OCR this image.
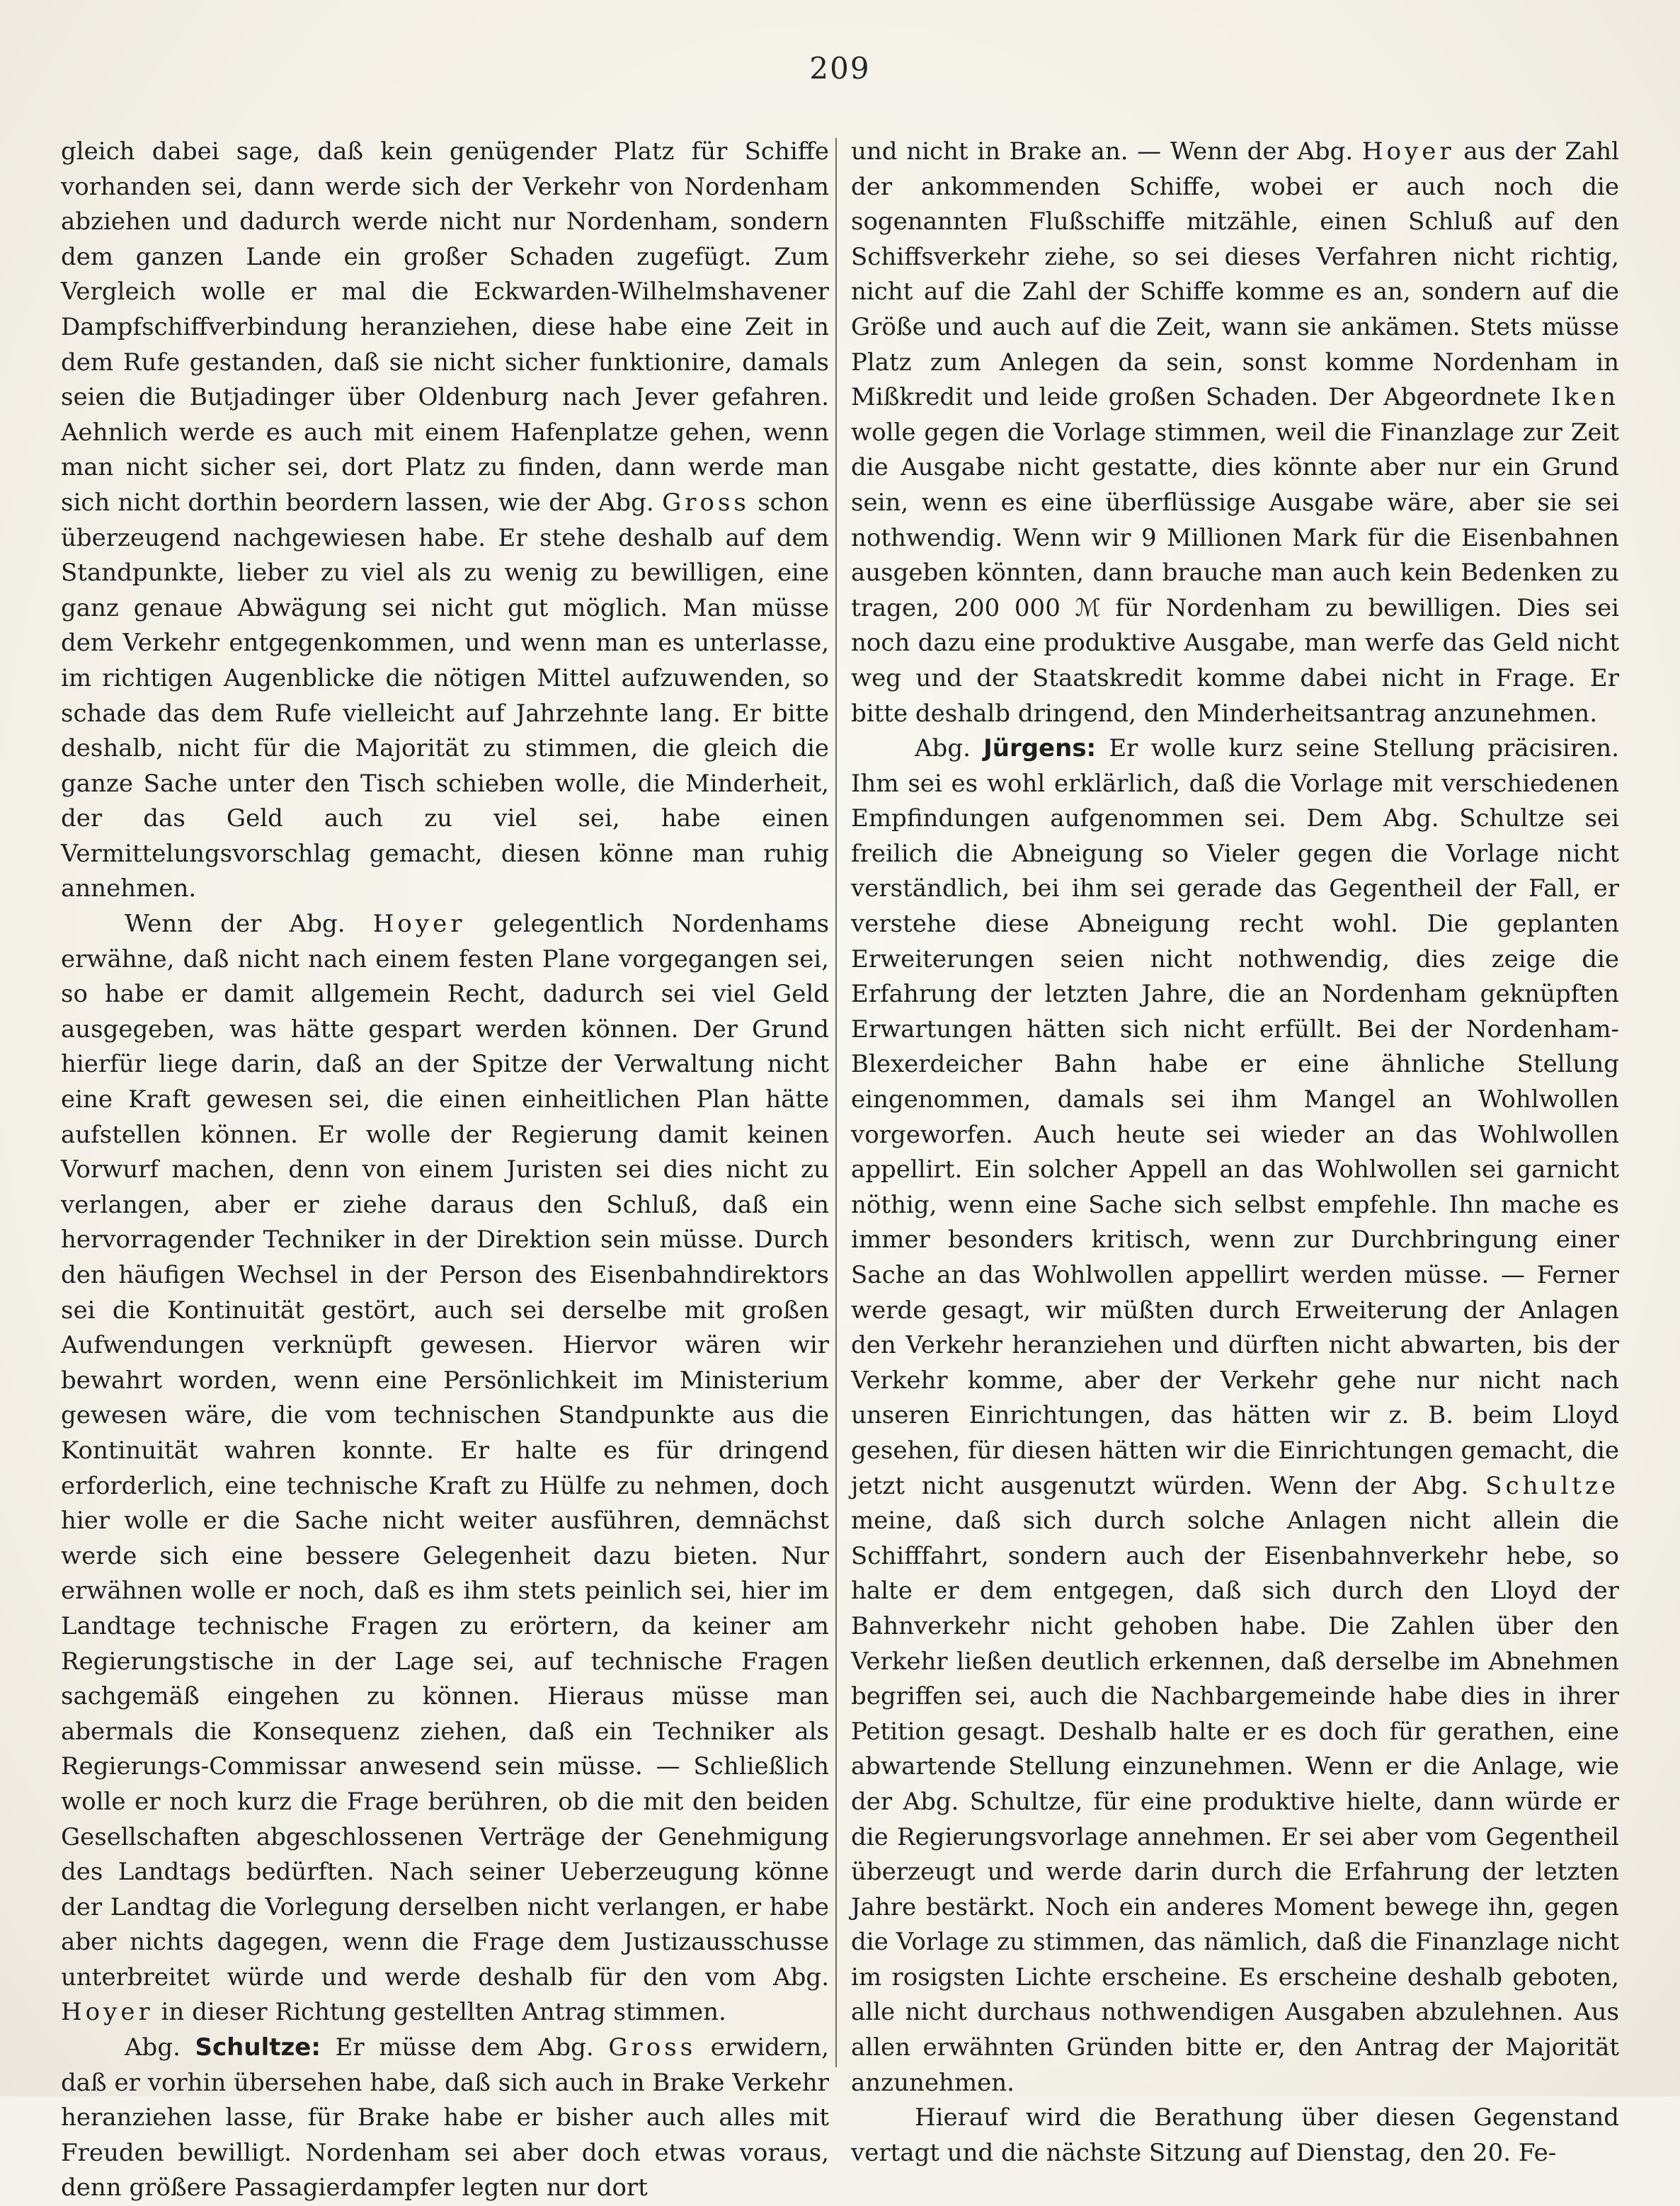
209

gleich dabei sage, daß kein genügender Platz für Schiffe vorhanden sei, dann werde sich der Verkehr von Nordenham abziehen und dadurch werde nicht nur Nordenham, sondern dem ganzen Lande ein großer Schaden zugefügt. Zum Vergleich wolle er mal die Eckwarden-Wilhelmshavener Dampfschiffverbindung heranziehen, diese habe eine Zeit in dem Rufe gestanden, daß sie nicht sicher funktionire, damals seien die Butjadinger über Oldenburg nach Jever gefahren. Aehnlich werde es auch mit einem Hafenplatze gehen, wenn man nicht sicher sei, dort Platz zu finden, dann werde man sich nicht dorthin beordern lassen, wie der Abg. Gross schon überzeugend nachgewiesen habe. Er stehe deshalb auf dem Standpunkte, lieber zu viel als zu wenig zu bewilligen, eine ganz genaue Abwägung sei nicht gut möglich. Man müsse dem Verkehr entgegenkommen, und wenn man es unterlasse, im richtigen Augenblicke die nötigen Mittel aufzuwenden, so schade das dem Rufe vielleicht auf Jahrzehnte lang. Er bitte deshalb, nicht für die Majorität zu stimmen, die gleich die ganze Sache unter den Tisch schieben wolle, die Minderheit, der das Geld auch zu viel sei, habe einen Vermittelungsvorschlag gemacht, diesen könne man ruhig annehmen.

Wenn der Abg. Hoyer gelegentlich Nordenhams erwähne, daß nicht nach einem festen Plane vorgegangen sei, so habe er damit allgemein Recht, dadurch sei viel Geld ausgegeben, was hätte gespart werden können. Der Grund hierfür liege darin, daß an der Spitze der Verwaltung nicht eine Kraft gewesen sei, die einen einheitlichen Plan hätte aufstellen können. Er wolle der Regierung damit keinen Vorwurf machen, denn von einem Juristen sei dies nicht zu verlangen, aber er ziehe daraus den Schluß, daß ein hervorragender Techniker in der Direktion sein müsse. Durch den häufigen Wechsel in der Person des Eisenbahndirektors sei die Kontinuität gestört, auch sei derselbe mit großen Aufwendungen verknüpft gewesen. Hiervor wären wir bewahrt worden, wenn eine Persönlichkeit im Ministerium gewesen wäre, die vom technischen Standpunkte aus die Kontinuität wahren konnte. Er halte es für dringend erforderlich, eine technische Kraft zu Hülfe zu nehmen, doch hier wolle er die Sache nicht weiter ausführen, demnächst werde sich eine bessere Gelegenheit dazu bieten. Nur erwähnen wolle er noch, daß es ihm stets peinlich sei, hier im Landtage technische Fragen zu erörtern, da keiner am Regierungstische in der Lage sei, auf technische Fragen sachgemäß eingehen zu können. Hieraus müsse man abermals die Konsequenz ziehen, daß ein Techniker als Regierungs-Commissar anwesend sein müsse. — Schließlich wolle er noch kurz die Frage berühren, ob die mit den beiden Gesellschaften abgeschlossenen Verträge der Genehmigung des Landtags bedürften. Nach seiner Ueberzeugung könne der Landtag die Vorlegung derselben nicht verlangen, er habe aber nichts dagegen, wenn die Frage dem Justizausschusse unterbreitet würde und werde deshalb für den vom Abg. Hoyer in dieser Richtung gestellten Antrag stimmen.

Abg. Schultze: Er müsse dem Abg. Gross erwidern, daß er vorhin übersehen habe, daß sich auch in Brake Verkehr heranziehen lasse, für Brake habe er bisher auch alles mit Freuden bewilligt. Nordenham sei aber doch etwas voraus, denn größere Passagierdampfer legten nur dort

und nicht in Brake an. — Wenn der Abg. Hoyer aus der Zahl der ankommenden Schiffe, wobei er auch noch die sogenannten Flußschiffe mitzähle, einen Schluß auf den Schiffsverkehr ziehe, so sei dieses Verfahren nicht richtig, nicht auf die Zahl der Schiffe komme es an, sondern auf die Größe und auch auf die Zeit, wann sie ankämen. Stets müsse Platz zum Anlegen da sein, sonst komme Nordenham in Mißkredit und leide großen Schaden. Der Abgeordnete Iken wolle gegen die Vorlage stimmen, weil die Finanzlage zur Zeit die Ausgabe nicht gestatte, dies könnte aber nur ein Grund sein, wenn es eine überflüssige Ausgabe wäre, aber sie sei nothwendig. Wenn wir 9 Millionen Mark für die Eisenbahnen ausgeben könnten, dann brauche man auch kein Bedenken zu tragen, 200 000 ℳ für Nordenham zu bewilligen. Dies sei noch dazu eine produktive Ausgabe, man werfe das Geld nicht weg und der Staatskredit komme dabei nicht in Frage. Er bitte deshalb dringend, den Minderheitsantrag anzunehmen.

Abg. Jürgens: Er wolle kurz seine Stellung präcisiren. Ihm sei es wohl erklärlich, daß die Vorlage mit verschiedenen Empfindungen aufgenommen sei. Dem Abg. Schultze sei freilich die Abneigung so Vieler gegen die Vorlage nicht verständlich, bei ihm sei gerade das Gegentheil der Fall, er verstehe diese Abneigung recht wohl. Die geplanten Erweiterungen seien nicht nothwendig, dies zeige die Erfahrung der letzten Jahre, die an Nordenham geknüpften Erwartungen hätten sich nicht erfüllt. Bei der Nordenham-Blexerdeicher Bahn habe er eine ähnliche Stellung eingenommen, damals sei ihm Mangel an Wohlwollen vorgeworfen. Auch heute sei wieder an das Wohlwollen appellirt. Ein solcher Appell an das Wohlwollen sei garnicht nöthig, wenn eine Sache sich selbst empfehle. Ihn mache es immer besonders kritisch, wenn zur Durchbringung einer Sache an das Wohlwollen appellirt werden müsse. — Ferner werde gesagt, wir müßten durch Erweiterung der Anlagen den Verkehr heranziehen und dürften nicht abwarten, bis der Verkehr komme, aber der Verkehr gehe nur nicht nach unseren Einrichtungen, das hätten wir z. B. beim Lloyd gesehen, für diesen hätten wir die Einrichtungen gemacht, die jetzt nicht ausgenutzt würden. Wenn der Abg. Schultze meine, daß sich durch solche Anlagen nicht allein die Schifffahrt, sondern auch der Eisenbahnverkehr hebe, so halte er dem entgegen, daß sich durch den Lloyd der Bahnverkehr nicht gehoben habe. Die Zahlen über den Verkehr ließen deutlich erkennen, daß derselbe im Abnehmen begriffen sei, auch die Nachbargemeinde habe dies in ihrer Petition gesagt. Deshalb halte er es doch für gerathen, eine abwartende Stellung einzunehmen. Wenn er die Anlage, wie der Abg. Schultze, für eine produktive hielte, dann würde er die Regierungsvorlage annehmen. Er sei aber vom Gegentheil überzeugt und werde darin durch die Erfahrung der letzten Jahre bestärkt. Noch ein anderes Moment bewege ihn, gegen die Vorlage zu stimmen, das nämlich, daß die Finanzlage nicht im rosigsten Lichte erscheine. Es erscheine deshalb geboten, alle nicht durchaus nothwendigen Ausgaben abzulehnen. Aus allen erwähnten Gründen bitte er, den Antrag der Majorität anzunehmen.

Hierauf wird die Berathung über diesen Gegenstand vertagt und die nächste Sitzung auf Dienstag, den 20. Fe-
